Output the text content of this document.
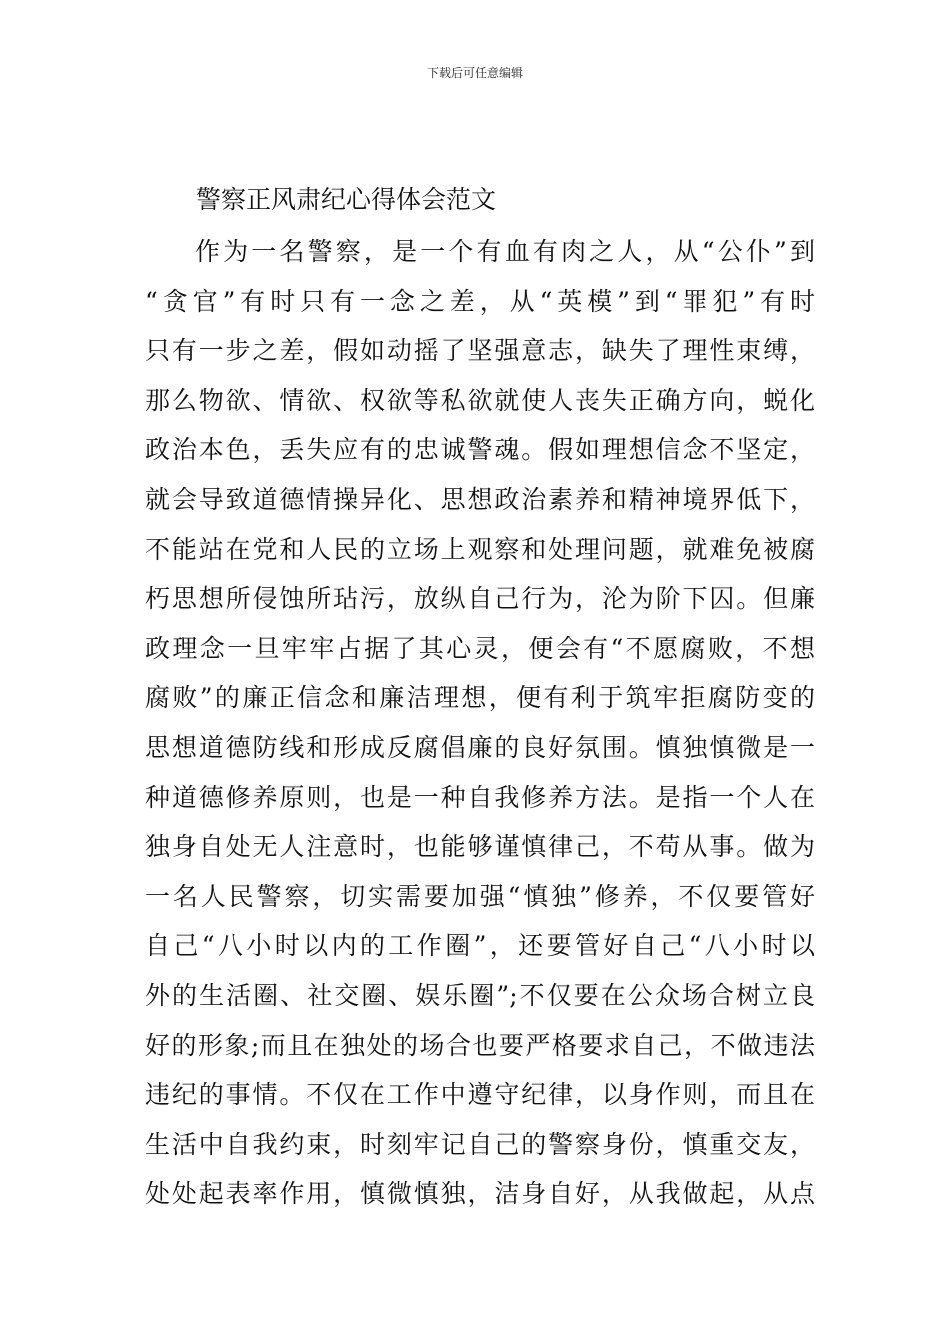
下载后可任意编辑
警察正风肃纪心得体会范文
作为一名警察，是一个有血有肉之人，从“公仆”到
“贪官”有时只有一念之差，从“英模”到“罪犯”有时
只有一步之差，假如动摇了坚强意志，缺失了理性束缚，
那么物欲、情欲、权欲等私欲就使人丧失正确方向，蜕化
政治本色，丢失应有的忠诚警魂。假如理想信念不坚定，
就会导致道德情操异化、思想政治素养和精神境界低下，
不能站在党和人民的立场上观察和处理问题，就难免被腐
朽思想所侵蚀所玷污，放纵自己行为，沦为阶下囚。但廉
政理念一旦牢牢占据了其心灵，便会有“不愿腐败，不想
腐败”的廉正信念和廉洁理想，便有利于筑牢拒腐防变的
思想道德防线和形成反腐倡廉的良好氛围。慎独慎微是一
种道德修养原则，也是一种自我修养方法。是指一个人在
独身自处无人注意时，也能够谨慎律己，不苟从事。做为
一名人民警察，切实需要加强“慎独”修养，不仅要管好
自己“八小时以内的工作圈”，还要管好自己“八小时以
外的生活圈、社交圈、娱乐圈”;不仅要在公众场合树立良
好的形象;而且在独处的场合也要严格要求自己，不做违法
违纪的事情。不仅在工作中遵守纪律，以身作则，而且在
生活中自我约束，时刻牢记自己的警察身份，慎重交友，
处处起表率作用，慎微慎独，洁身自好，从我做起，从点
